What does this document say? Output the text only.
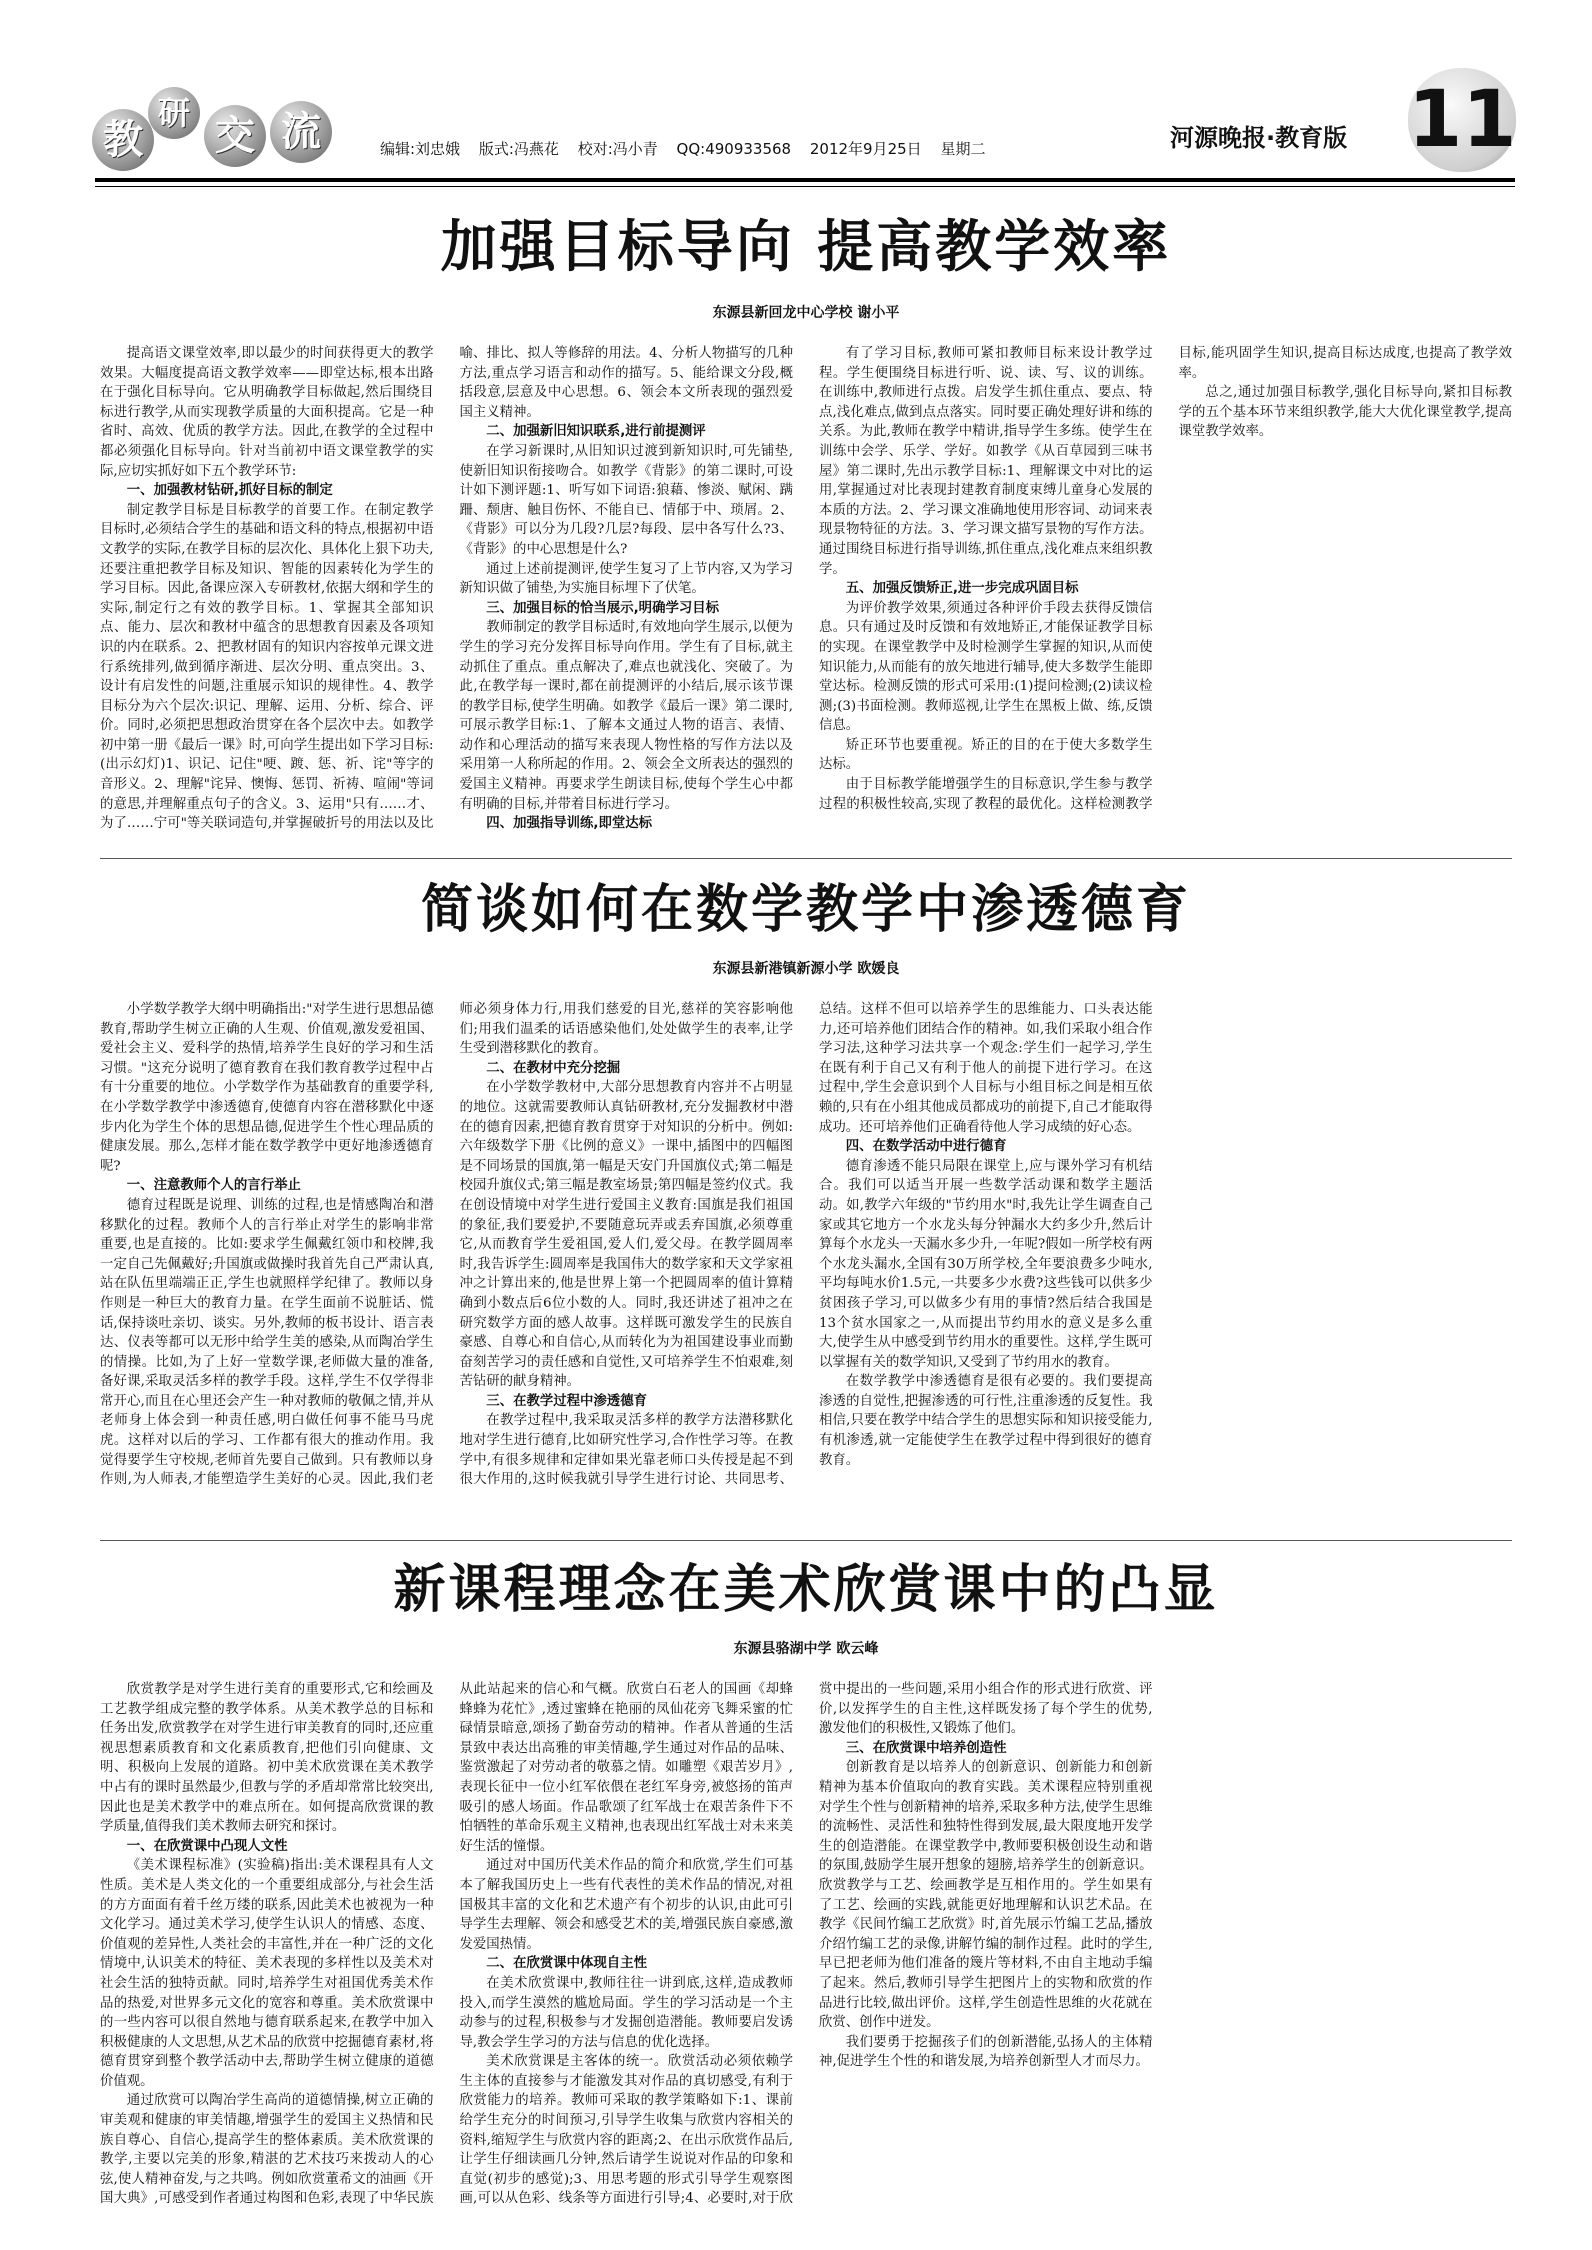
教
研 交 流	编辑:刘忠娥 版式:冯燕花 校对:冯小青 QQ:490933568 2012年9月25日 星期二	河源晚报·教育版 11
加强目标导向 提高教学效率

东源县新回龙中心学校 谢小平

提高语文课堂效率,即以最少的时间获得更大的教学效果。大幅度提高语文教学效率——即堂达标,根本出路在于强化目标导向。它从明确教学目标做起,然后围绕目标进行教学,从而实现教学质量的大面积提高。它是一种省时、高效、优质的教学方法。因此,在教学的全过程中都必须强化目标导向。针对当前初中语文课堂教学的实际,应切实抓好如下五个教学环节:

一、加强教材钻研,抓好目标的制定

制定教学目标是目标教学的首要工作。在制定教学目标时,必须结合学生的基础和语文科的特点,根据初中语文教学的实际,在教学目标的层次化、具体化上狠下功夫,还要注重把教学目标及知识、智能的因素转化为学生的学习目标。因此,备课应深入专研教材,依据大纲和学生的实际,制定行之有效的教学目标。1、掌握其全部知识点、能力、层次和教材中蕴含的思想教育因素及各项知识的内在联系。2、把教材固有的知识内容按单元课文进行系统排列,做到循序渐进、层次分明、重点突出。3、设计有启发性的问题,注重展示知识的规律性。4、教学目标分为六个层次:识记、理解、运用、分析、综合、评价。同时,必须把思想政治贯穿在各个层次中去。如教学初中第一册《最后一课》时,可向学生提出如下学习目标:(出示幻灯)1、识记、记住"哽、踱、惩、祈、诧"等字的音形义。2、理解"诧异、懊悔、惩罚、祈祷、喧闹"等词的意思,并理解重点句子的含义。3、运用"只有……才、为了……宁可"等关联词造句,并掌握破折号的用法以及比喻、排比、拟人等修辞的用法。4、分析人物描写的几种方法,重点学习语言和动作的描写。5、能给课文分段,概括段意,层意及中心思想。6、领会本文所表现的强烈爱国主义精神。

二、加强新旧知识联系,进行前提测评

在学习新课时,从旧知识过渡到新知识时,可先铺垫,使新旧知识衔接吻合。如教学《背影》的第二课时,可设计如下测评题:1、听写如下词语:狼藉、惨淡、赋闲、蹒跚、颓唐、触目伤怀、不能自已、情郁于中、琐屑。2、《背影》可以分为几段?几层?每段、层中各写什么?3、《背影》的中心思想是什么?

通过上述前提测评,使学生复习了上节内容,又为学习新知识做了铺垫,为实施目标埋下了伏笔。

三、加强目标的恰当展示,明确学习目标

教师制定的教学目标适时,有效地向学生展示,以便为学生的学习充分发挥目标导向作用。学生有了目标,就主动抓住了重点。重点解决了,难点也就浅化、突破了。为此,在教学每一课时,都在前提测评的小结后,展示该节课的教学目标,使学生明确。如教学《最后一课》第二课时,可展示教学目标:1、了解本文通过人物的语言、表情、动作和心理活动的描写来表现人物性格的写作方法以及采用第一人称所起的作用。2、领会全文所表达的强烈的爱国主义精神。再要求学生朗读目标,使每个学生心中都有明确的目标,并带着目标进行学习。

四、加强指导训练,即堂达标

有了学习目标,教师可紧扣教师目标来设计教学过程。学生便围绕目标进行听、说、读、写、议的训练。在训练中,教师进行点拨。启发学生抓住重点、要点、特点,浅化难点,做到点点落实。同时要正确处理好讲和练的关系。为此,教师在教学中精讲,指导学生多练。使学生在训练中会学、乐学、学好。如教学《从百草园到三味书屋》第二课时,先出示教学目标:1、理解课文中对比的运用,掌握通过对比表现封建教育制度束缚儿童身心发展的本质的方法。2、学习课文准确地使用形容词、动词来表现景物特征的方法。3、学习课文描写景物的写作方法。通过围绕目标进行指导训练,抓住重点,浅化难点来组织教学。

五、加强反馈矫正,进一步完成巩固目标

为评价教学效果,须通过各种评价手段去获得反馈信息。只有通过及时反馈和有效地矫正,才能保证教学目标的实现。在课堂教学中及时检测学生掌握的知识,从而使知识能力,从而能有的放矢地进行辅导,使大多数学生能即堂达标。检测反馈的形式可采用:(1)提问检测;(2)读议检测;(3)书面检测。教师巡视,让学生在黑板上做、练,反馈信息。

矫正环节也要重视。矫正的目的在于使大多数学生达标。

由于目标教学能增强学生的目标意识,学生参与教学过程的积极性较高,实现了教程的最优化。这样检测教学目标,能巩固学生知识,提高目标达成度,也提高了教学效率。

总之,通过加强目标教学,强化目标导向,紧扣目标教学的五个基本环节来组织教学,能大大优化课堂教学,提高课堂教学效率。

简谈如何在数学教学中渗透德育

东源县新港镇新源小学 欧媛良

小学数学教学大纲中明确指出:"对学生进行思想品德教育,帮助学生树立正确的人生观、价值观,激发爱祖国、爱社会主义、爱科学的热情,培养学生良好的学习和生活习惯。"这充分说明了德育教育在我们教育教学过程中占有十分重要的地位。小学数学作为基础教育的重要学科,在小学数学教学中渗透德育,使德育内容在潜移默化中逐步内化为学生个体的思想品德,促进学生个性心理品质的健康发展。那么,怎样才能在数学教学中更好地渗透德育呢?

一、注意教师个人的言行举止

德育过程既是说理、训练的过程,也是情感陶冶和潜移默化的过程。教师个人的言行举止对学生的影响非常重要,也是直接的。比如:要求学生佩戴红领巾和校牌,我一定自己先佩戴好;升国旗或做操时我首先自己严肃认真,站在队伍里端端正正,学生也就照样学纪律了。教师以身作则是一种巨大的教育力量。在学生面前不说脏话、慌话,保持谈吐亲切、谈实。另外,教师的板书设计、语言表达、仪表等都可以无形中给学生美的感染,从而陶冶学生的情操。比如,为了上好一堂数学课,老师做大量的准备,备好课,采取灵活多样的教学手段。这样,学生不仅学得非常开心,而且在心里还会产生一种对教师的敬佩之情,并从老师身上体会到一种责任感,明白做任何事不能马马虎虎。这样对以后的学习、工作都有很大的推动作用。我觉得要学生守校规,老师首先要自己做到。只有教师以身作则,为人师表,才能塑造学生美好的心灵。因此,我们老师必须身体力行,用我们慈爱的目光,慈祥的笑容影响他们;用我们温柔的话语感染他们,处处做学生的表率,让学生受到潜移默化的教育。

二、在教材中充分挖掘

在小学数学教材中,大部分思想教育内容并不占明显的地位。这就需要教师认真钻研教材,充分发掘教材中潜在的德育因素,把德育教育贯穿于对知识的分析中。例如:六年级数学下册《比例的意义》一课中,插图中的四幅图是不同场景的国旗,第一幅是天安门升国旗仪式;第二幅是校园升旗仪式;第三幅是教室场景;第四幅是签约仪式。我在创设情境中对学生进行爱国主义教育:国旗是我们祖国的象征,我们要爱护,不要随意玩弄或丢弃国旗,必须尊重它,从而教育学生爱祖国,爱人们,爱父母。在教学圆周率时,我告诉学生:圆周率是我国伟大的数学家和天文学家祖冲之计算出来的,他是世界上第一个把圆周率的值计算精确到小数点后6位小数的人。同时,我还讲述了祖冲之在研究数学方面的感人故事。这样既可激发学生的民族自豪感、自尊心和自信心,从而转化为为祖国建设事业而勤奋刻苦学习的责任感和自觉性,又可培养学生不怕艰难,刻苦钻研的献身精神。

三、在教学过程中渗透德育

在教学过程中,我采取灵活多样的教学方法潜移默化地对学生进行德育,比如研究性学习,合作性学习等。在教学中,有很多规律和定律如果光靠老师口头传授是起不到很大作用的,这时候我就引导学生进行讨论、共同思考、总结。这样不但可以培养学生的思维能力、口头表达能力,还可培养他们团结合作的精神。如,我们采取小组合作学习法,这种学习法共享一个观念:学生们一起学习,学生在既有利于自己又有利于他人的前提下进行学习。在这过程中,学生会意识到个人目标与小组目标之间是相互依赖的,只有在小组其他成员都成功的前提下,自己才能取得成功。还可培养他们正确看待他人学习成绩的好心态。

四、在数学活动中进行德育

德育渗透不能只局限在课堂上,应与课外学习有机结合。我们可以适当开展一些数学活动课和数学主题活动。如,教学六年级的"节约用水"时,我先让学生调查自己家或其它地方一个水龙头每分钟漏水大约多少升,然后计算每个水龙头一天漏水多少升,一年呢?假如一所学校有两个水龙头漏水,全国有30万所学校,全年要浪费多少吨水,平均每吨水价1.5元,一共要多少水费?这些钱可以供多少贫困孩子学习,可以做多少有用的事情?然后结合我国是13个贫水国家之一,从而提出节约用水的意义是多么重大,使学生从中感受到节约用水的重要性。这样,学生既可以掌握有关的数学知识,又受到了节约用水的教育。

在数学教学中渗透德育是很有必要的。我们要提高渗透的自觉性,把握渗透的可行性,注重渗透的反复性。我相信,只要在教学中结合学生的思想实际和知识接受能力,有机渗透,就一定能使学生在教学过程中得到很好的德育教育。

新课程理念在美术欣赏课中的凸显

东源县骆湖中学 欧云峰

欣赏教学是对学生进行美育的重要形式,它和绘画及工艺教学组成完整的教学体系。从美术教学总的目标和任务出发,欣赏教学在对学生进行审美教育的同时,还应重视思想素质教育和文化素质教育,把他们引向健康、文明、积极向上发展的道路。初中美术欣赏课在美术教学中占有的课时虽然最少,但教与学的矛盾却常常比较突出,因此也是美术教学中的难点所在。如何提高欣赏课的教学质量,值得我们美术教师去研究和探讨。

一、在欣赏课中凸现人文性

《美术课程标准》(实验稿)指出:美术课程具有人文性质。美术是人类文化的一个重要组成部分,与社会生活的方方面面有着千丝万缕的联系,因此美术也被视为一种文化学习。通过美术学习,使学生认识人的情感、态度、价值观的差异性,人类社会的丰富性,并在一种广泛的文化情境中,认识美术的特征、美术表现的多样性以及美术对社会生活的独特贡献。同时,培养学生对祖国优秀美术作品的热爱,对世界多元文化的宽容和尊重。美术欣赏课中的一些内容可以很自然地与德育联系起来,在教学中加入积极健康的人文思想,从艺术品的欣赏中挖掘德育素材,将德育贯穿到整个教学活动中去,帮助学生树立健康的道德价值观。

通过欣赏可以陶冶学生高尚的道德情操,树立正确的审美观和健康的审美情趣,增强学生的爱国主义热情和民族自尊心、自信心,提高学生的整体素质。美术欣赏课的教学,主要以完美的形象,精湛的艺术技巧来拨动人的心弦,使人精神奋发,与之共鸣。例如欣赏董希文的油画《开国大典》,可感受到作者通过构图和色彩,表现了中华民族从此站起来的信心和气概。欣赏白石老人的国画《却蜂蜂蜂为花忙》,透过蜜蜂在艳丽的凤仙花旁飞舞采蜜的忙碌情景暗意,颂扬了勤奋劳动的精神。作者从普通的生活景致中表达出高雅的审美情趣,学生通过对作品的品味、鉴赏激起了对劳动者的敬慕之情。如雕塑《艰苦岁月》,表现长征中一位小红军依偎在老红军身旁,被悠扬的笛声吸引的感人场面。作品歌颂了红军战士在艰苦条件下不怕牺牲的革命乐观主义精神,也表现出红军战士对未来美好生活的憧憬。

通过对中国历代美术作品的简介和欣赏,学生们可基本了解我国历史上一些有代表性的美术作品的情况,对祖国极其丰富的文化和艺术遗产有个初步的认识,由此可引导学生去理解、领会和感受艺术的美,增强民族自豪感,激发爱国热情。

二、在欣赏课中体现自主性

在美术欣赏课中,教师往往一讲到底,这样,造成教师投入,而学生漠然的尴尬局面。学生的学习活动是一个主动参与的过程,积极参与才发掘创造潜能。教师要启发诱导,教会学生学习的方法与信息的优化选择。

美术欣赏课是主客体的统一。欣赏活动必须依赖学生主体的直接参与才能激发其对作品的真切感受,有利于欣赏能力的培养。教师可采取的教学策略如下:1、课前给学生充分的时间预习,引导学生收集与欣赏内容相关的资料,缩短学生与欣赏内容的距离;2、在出示欣赏作品后,让学生仔细读画几分钟,然后请学生说说对作品的印象和直觉(初步的感觉);3、用思考题的形式引导学生观察图画,可以从色彩、线条等方面进行引导;4、必要时,对于欣赏中提出的一些问题,采用小组合作的形式进行欣赏、评价,以发挥学生的自主性,这样既发扬了每个学生的优势,激发他们的积极性,又锻炼了他们。

三、在欣赏课中培养创造性

创新教育是以培养人的创新意识、创新能力和创新精神为基本价值取向的教育实践。美术课程应特别重视对学生个性与创新精神的培养,采取多种方法,使学生思维的流畅性、灵活性和独特性得到发展,最大限度地开发学生的创造潜能。在课堂教学中,教师要积极创设生动和谐的氛围,鼓励学生展开想象的翅膀,培养学生的创新意识。欣赏教学与工艺、绘画教学是互相作用的。学生如果有了工艺、绘画的实践,就能更好地理解和认识艺术品。在教学《民间竹编工艺欣赏》时,首先展示竹编工艺品,播放介绍竹编工艺的录像,讲解竹编的制作过程。此时的学生,早已把老师为他们准备的篾片等材料,不由自主地动手编了起来。然后,教师引导学生把图片上的实物和欣赏的作品进行比较,做出评价。这样,学生创造性思维的火花就在欣赏、创作中迸发。

我们要勇于挖掘孩子们的创新潜能,弘扬人的主体精神,促进学生个性的和谐发展,为培养创新型人才而尽力。
